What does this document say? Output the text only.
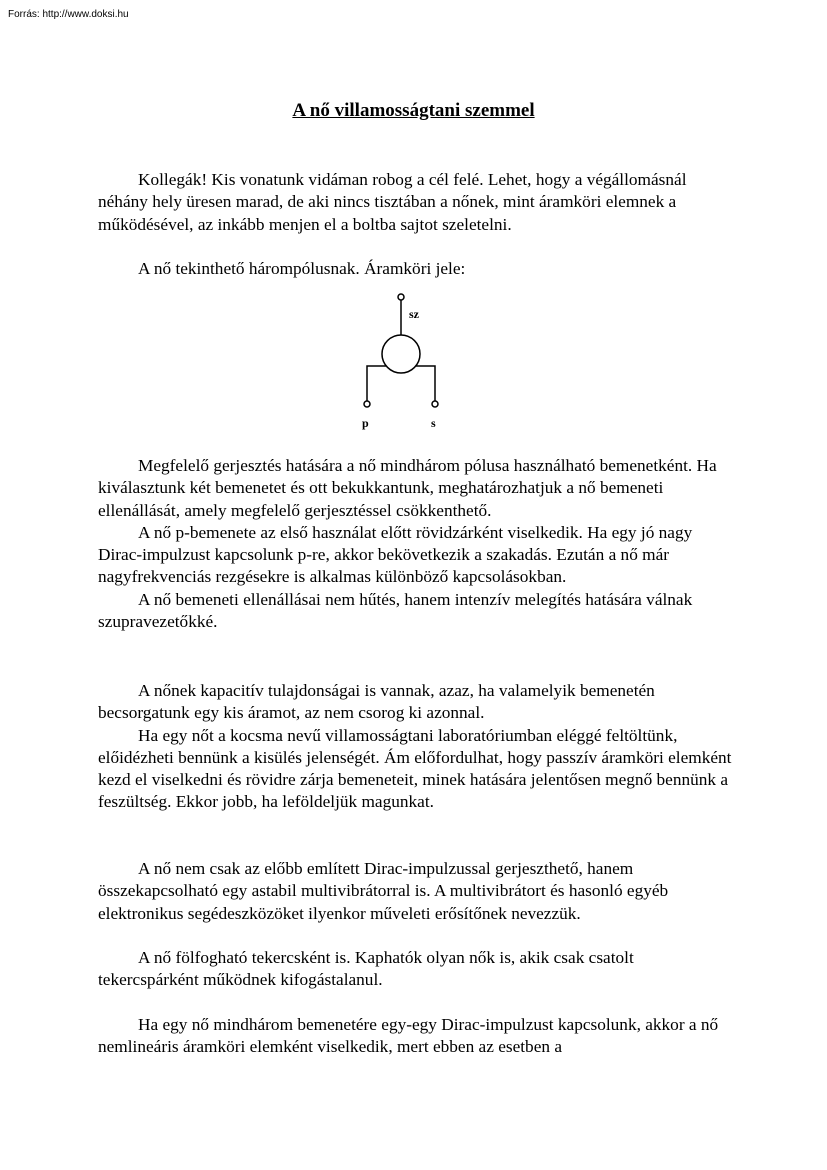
Forrás: http://www.doksi.hu
A nő villamosságtani szemmel

Kollegák! Kis vonatunk vidáman robog a cél felé. Lehet, hogy a végállomásnál néhány hely üresen marad, de aki nincs tisztában a nőnek, mint áramköri elemnek a működésével, az inkább menjen el a boltba sajtot szeletelni.

A nő tekinthető hárompólusnak. Áramköri jele:

sz
p	s

Megfelelő gerjesztés hatására a nő mindhárom pólusa használható bemenetként. Ha kiválasztunk két bemenetet és ott bekukkantunk, meghatározhatjuk a nő bemeneti ellenállását, amely megfelelő gerjesztéssel csökkenthető.

A nő p-bemenete az első használat előtt rövidzárként viselkedik. Ha egy jó nagy Dirac-impulzust kapcsolunk p-re, akkor bekövetkezik a szakadás. Ezután a nő már nagyfrekvenciás rezgésekre is alkalmas különböző kapcsolásokban.

A nő bemeneti ellenállásai nem hűtés, hanem intenzív melegítés hatására válnak szupravezetőkké.

A nőnek kapacitív tulajdonságai is vannak, azaz, ha valamelyik bemenetén becsorgatunk egy kis áramot, az nem csorog ki azonnal.

Ha egy nőt a kocsma nevű villamosságtani laboratóriumban eléggé feltöltünk, előidézheti bennünk a kisülés jelenségét. Ám előfordulhat, hogy passzív áramköri elemként kezd el viselkedni és rövidre zárja bemeneteit, minek hatására jelentősen megnő bennünk a feszültség. Ekkor jobb, ha leföldeljük magunkat.

A nő nem csak az előbb említett Dirac-impulzussal gerjeszthető, hanem összekapcsolható egy astabil multivibrátorral is. A multivibrátort és hasonló egyéb elektronikus segédeszközöket ilyenkor műveleti erősítőnek nevezzük.

A nő fölfogható tekercsként is. Kaphatók olyan nők is, akik csak csatolt tekercspárként működnek kifogástalanul.

Ha egy nő mindhárom bemenetére egy-egy Dirac-impulzust kapcsolunk, akkor a nő nemlineáris áramköri elemként viselkedik, mert ebben az esetben a
